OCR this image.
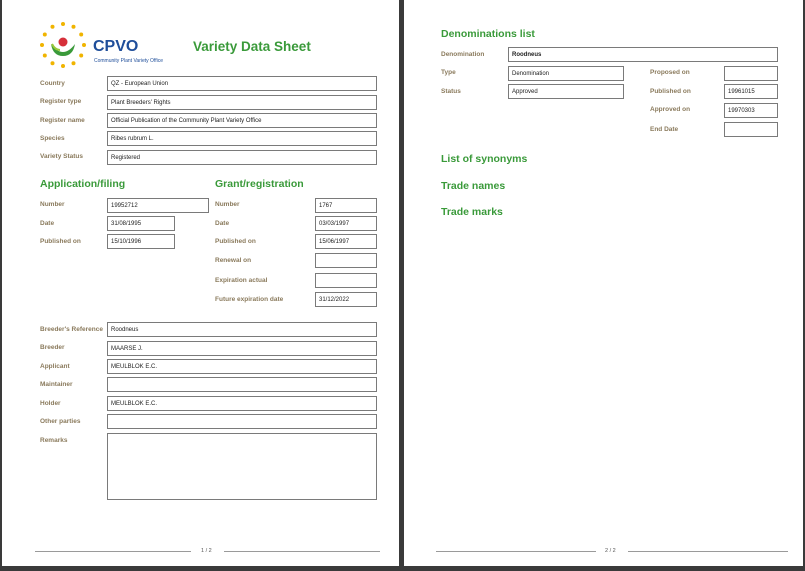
CPVO
Community Plant Variety Office
Variety Data Sheet
Country	QZ - European Union
Register type	Plant Breeders' Rights
Register name	Official Publication of the Community Plant Variety Office
Species	Ribes rubrum L.
Variety Status	Registered
Application/filing
Number	19952712
Date	31/08/1995
Published on	15/10/1996
Grant/registration
Number	1767
Date	03/03/1997
Published on	15/06/1997
Renewal on
Expiration actual
Future expiration date	31/12/2022
Breeder's Reference	Roodneus
Breeder	MAARSE J.
Applicant	MEULBLOK E.C.
Maintainer
Holder	MEULBLOK E.C.
Other parties
Remarks
1 / 2
Denominations list
Denomination	Roodneus
Type	Denomination
Status	Approved
Proposed on
Published on	19961015
Approved on	19970303
End Date
List of synonyms
Trade names
Trade marks
2 / 2
